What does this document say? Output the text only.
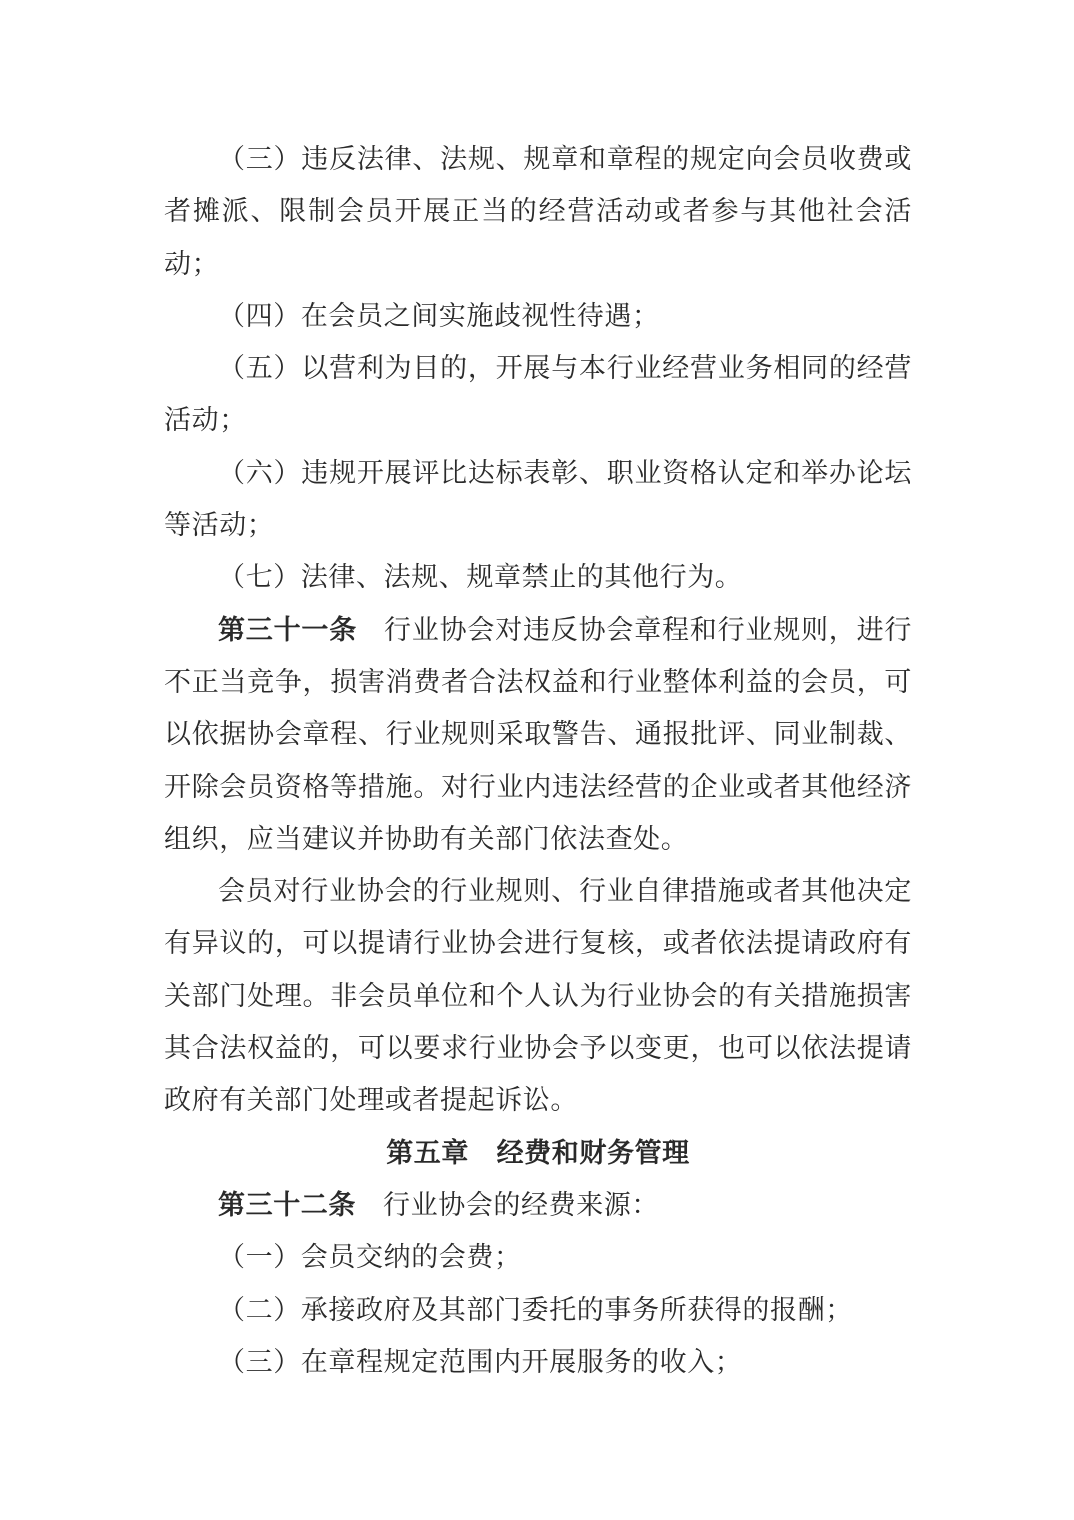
（三）违反法律、法规、规章和章程的规定向会员收费或者摊派、限制会员开展正当的经营活动或者参与其他社会活动；

（四）在会员之间实施歧视性待遇；

（五）以营利为目的，开展与本行业经营业务相同的经营活动；

（六）违规开展评比达标表彰、职业资格认定和举办论坛等活动；

（七）法律、法规、规章禁止的其他行为。

第三十一条 行业协会对违反协会章程和行业规则，进行不正当竞争，损害消费者合法权益和行业整体利益的会员，可以依据协会章程、行业规则采取警告、通报批评、同业制裁、开除会员资格等措施。对行业内违法经营的企业或者其他经济组织，应当建议并协助有关部门依法查处。

会员对行业协会的行业规则、行业自律措施或者其他决定有异议的，可以提请行业协会进行复核，或者依法提请政府有关部门处理。非会员单位和个人认为行业协会的有关措施损害其合法权益的，可以要求行业协会予以变更，也可以依法提请政府有关部门处理或者提起诉讼。

第五章　经费和财务管理

第三十二条 行业协会的经费来源：

（一）会员交纳的会费；

（二）承接政府及其部门委托的事务所获得的报酬；

（三）在章程规定范围内开展服务的收入；
